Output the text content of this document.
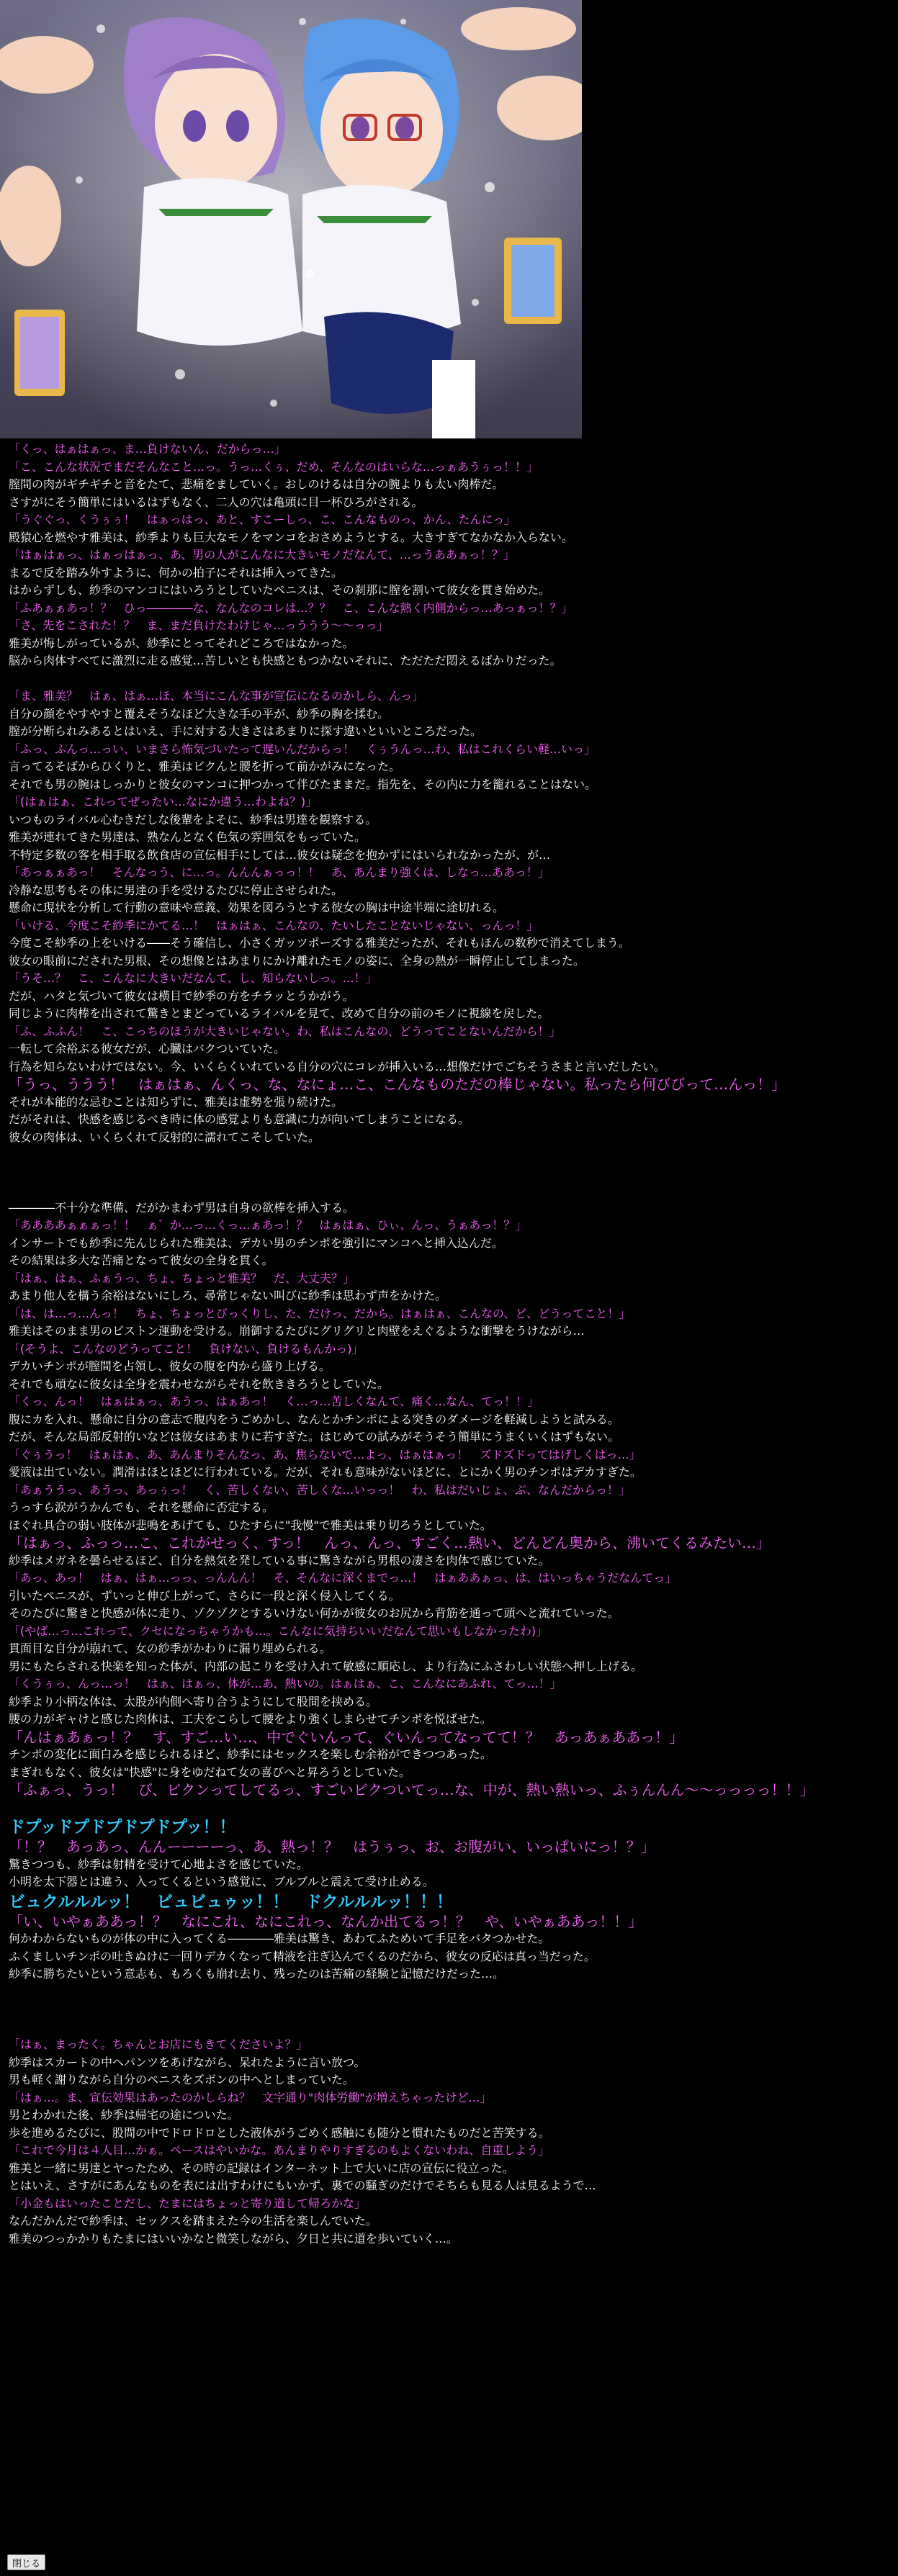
「くっ、はぁはぁっ、ま…負けないん、だからっ…」
「こ、こんな状況でまだそんなこと…っ。うっ…くぅ、だめ、そんなのはいらな…っぁあうぅっ！！」
膣間の肉がギチギチと音をたて、悲痛をましていく。おしのけるは自分の腕よりも太い肉棒だ。
さすがにそう簡単にはいるはずもなく、二人の穴は亀頭に目一杯ひろがされる。
「うぐぐっ、くうぅぅ！　はぁっはっ、あと、すこーしっ、こ、こんなものっ、かん、たんにっ」
殿猿心を燃やす雅美は、紗季よりも巨大なモノをマンコをおさめようとする。大きすぎてなかなか入らない。
「はぁはぁっ、はぁっはぁっ、あ、男の人がこんなに大きいモノだなんて、…っうああぁっ！？」
まるで反を踏み外すように、何かの拍子にそれは挿入ってきた。
はからずしも、紗季のマンコにはいろうとしていたペニスは、その刹那に膣を割いて彼女を貫き始めた。
「ふあぁぁあっ！？　ひっ――――な、なんなのコレは…？？　こ、こんな熱く内側からっ…あっぁっ！？」
「さ、先をこされた！？　ま、まだ負けたわけじゃ…っううう～～っっ」
雅美が悔しがっているが、紗季にとってそれどころではなかった。
脳から肉体すべてに激烈に走る感覚…苦しいとも快感ともつかないそれに、ただただ悶えるばかりだった。
「ま、雅美？　はぁ、はぁ…ほ、本当にこんな事が宣伝になるのかしら、んっ」
自分の顔をやすやすと覆えそうなほど大きな手の平が、紗季の胸を揉む。
膣が分断られみあるとはいえ、手に対する大きさはあまりに探す違いといいところだった。
「ふっ、ふんっ…っい、いまさら怖気づいたって遅いんだからっ！　くぅうんっ…わ、私はこれくらい軽…いっ」
言ってるそばからひくりと、雅美はビクんと腰を折って前かがみになった。
それでも男の腕はしっかりと彼女のマンコに押つかって伴びたままだ。指先を、その内に力を籠れることはない。
「(はぁはぁ、これってぜったい…なにか違う…わよね？)」
いつものライバル心むきだしな後輩をよそに、紗季は男達を観察する。
雅美が連れてきた男達は、熟なんとなく色気の雰囲気をもっていた。
不特定多数の客を相手取る飲食店の宣伝相手にしては…彼女は疑念を抱かずにはいられなかったが、が…
「あっぁぁあっ！　そんなっう、に…っ。んんんぁっっ！！　あ、あんまり強くは、しなっ…ああっ！」
冷静な思考もその体に男達の手を受けるたびに停止させられた。
懸命に現状を分析して行動の意味や意義、効果を図ろうとする彼女の胸は中途半端に途切れる。
「いける、今度こそ紗季にかてる…！　はぁはぁ、こんなの、たいしたことないじゃない、っんっ！」
今度こそ紗季の上をいける――そう確信し、小さくガッツポーズする雅美だったが、それもほんの数秒で消えてしまう。
彼女の眼前にだされた男根、その想像とはあまりにかけ離れたモノの姿に、全身の熱が一瞬停止してしまった。
「うそ…？　こ、こんなに大きいだなんて、し、知らないしっ。…！」
だが、ハタと気づいて彼女は横目で紗季の方をチラッとうかがう。
同じように肉棒を出されて驚きとまどっているライバルを見て、改めて自分の前のモノに視線を戻した。
「ふ、ふふん！　こ、こっちのほうが大きいじゃない。わ、私はこんなの、どうってことないんだから！」
一転して余裕ぶる彼女だが、心臓はバクついていた。
行為を知らないわけではない。今、いくらくいれている自分の穴にコレが挿入いる…想像だけでごちそうさまと言いだしたい。
「うっ、ううう！　はぁはぁ、んくっ、な、なにょ…こ、こんなものただの棒じゃない。私ったら何びびって…んっ！」
それが本能的な忌むことは知らずに、雅美は虚勢を張り続けた。
だがそれは、快感を感じるべき時に体の感覚よりも意識に力が向いてしまうことになる。
彼女の肉体は、いくらくれて反射的に濡れてこそしていた。
――――不十分な準備、だがかまわず男は自身の欲棒を挿入する。
「ああああぁぁぁっ！！　ぁ゛か…っ…くっ…ぁあっ！？　はぁはぁ、ひぃ、んっ、うぁあっ！？」
インサートでも紗季に先んじられた雅美は、デカい男のチンポを強引にマンコへと挿入込んだ。
その結果は多大な苦痛となって彼女の全身を貫く。
「はぁ、はぁ、ふぁうっ、ちょ、ちょっと雅美？　だ、大丈夫？」
あまり他人を構う余裕はないにしろ、尋常じゃない叫びに紗季は思わず声をかけた。
「は、は…っ…んっ！　ちょ、ちょっとびっくりし、た、だけっ、だから。はぁはぁ、こんなの、ど、どうってこと！」
雅美はそのまま男のピストン運動を受ける。崩御するたびにグリグリと肉壁をえぐるような衝撃をうけながら…
「(そうよ、こんなのどうってこと！　負けない、負けるもんかっ)」
デカいチンポが膣間を占領し、彼女の腹を内から盛り上げる。
それでも頑なに彼女は全身を震わせながらそれを飲ききろうとしていた。
「くっ、んっ！　はぁはぁっ、あうっ、はぁあっ！　く…っ…苦しくなんて、痛く…なん、てっ！！」
腹にカを入れ、懸命に自分の意志で腹内をうごめかし、なんとかチンポによる突きのダメージを軽減しようと試みる。
だが、そんな局部反射的いなどは彼女はあまりに若すぎた。はじめての試みがそうそう簡単にうまくいくはずもない。
「ぐぅうっ！　はぁはぁ、あ、あんまりそんなっ、あ、焦らないで…よっ、はぁはぁっ！　ズドズドってはげしくはっ…」
愛液は出ていない。潤滑はほとほどに行われている。だが、それも意味がないほどに、とにかく男のチンポはデカすぎた。
「あぁううっ、あうっ、あっぅっ！　く、苦しくない、苦しくな…いっっ！　わ、私はだいじょ、ぶ、なんだからっ！」
うっすら涙がうかんでも、それを懸命に否定する。
ほぐれ具合の弱い肢体が悲鳴をあげても、ひたすらに"我慢"で雅美は乗り切ろうとしていた。
「はぁっ、ふっっ…こ、これがせっく、すっ！　んっ、んっ、すごく…熱い、どんどん奥から、沸いてくるみたい…」
紗季はメガネを曇らせるほど、自分を熱気を発している事に驚きながら男根の凄さを肉体で感じていた。
「あっ、あっ！　はぁ、はぁ…っっ、っんんん！　そ、そんなに深くまでっ…！　はぁああぁっ、は、はいっちゃうだなんてっ」
引いたペニスが、ずいっと伸び上がって、さらに一段と深く侵入してくる。
そのたびに驚きと快感が体に走り、ゾクゾクとするいけない何かが彼女のお尻から背筋を通って頭へと流れていった。
「(やば…っ…これって、クセになっちゃうかも…。こんなに気持ちいいだなんて思いもしなかったわ)」
貫面目な自分が崩れて、女の紗季がかわりに漏り埋められる。
男にもたらされる快楽を知った体が、内部の起こりを受け入れて敏感に順応し、より行為にふさわしい状態へ押し上げる。
「くうぅっ、んっ…っ！　はぁ、はぁっ、体が…あ、熱いの。はぁはぁ、こ、こんなにあふれ、てっ…！」
紗季より小柄な体は、太股が内側へ寄り合うようにして股間を挟める。
腰の力がギャけと感じた肉体は、工夫をこらして腰をより強くしまらせてチンポを悦ばせた。
「んはぁあぁっ！？　す、すご…い…、中でぐいんって、ぐいんってなってて！？　あっあぁああっ！」
チンポの変化に面白みを感じられるほど、紗季にはセックスを楽しむ余裕ができつつあった。
まぎれもなく、彼女は"快感"に身をゆだねて女の喜びへと昇ろうとしていた。
「ふぁっ、うっ！　び、ビクンってしてるっ、すごいビクついてっ…な、中が、熱い熱いっ、ふぅんんん～～っっっっ！！」
ドプッドプドプドプドプッ！！
「！？　あっあっ、んんーーーーっ、あ、熱っ！？　はうぅっ、お、お腹がい、いっぱいにっ！？」
驚きつつも、紗季は射精を受けて心地よさを感じていた。
小明を太下器とは違う、入ってくるという感覚に、ブルブルと震えて受け止める。
ビュクルルルッ！　ビュビュゥッ！！　ドクルルルッ！！！
「い、いやぁああっ！？　なにこれ、なにこれっ、なんか出てるっ！？　や、いやぁああっ！！」
何かわからないものが体の中に入ってくる――――雅美は驚き、あわてふためいて手足をバタつかせた。
ふくましいチンポの吐きぬけに一回りデカくなって精液を注ぎ込んでくるのだから、彼女の反応は真っ当だった。
紗季に勝ちたいという意志も、もろくも崩れ去り、残ったのは苦痛の経験と記憶だけだった…。
「はぁ、まったく。ちゃんとお店にもきてくださいよ？」
紗季はスカートの中へパンツをあげながら、呆れたように言い放つ。
男も軽く謝りながら自分のペニスをズボンの中へとしまっていた。
「はぁ…。ま、宣伝効果はあったのかしらね？　文字通り"肉体労働"が増えちゃったけど…」
男とわかれた後、紗季は帰宅の途についた。
歩を進めるたびに、股間の中でドロドロとした液体がうごめく感触にも随分と慣れたものだと苦笑する。
「これで今月は４人目…かぁ。ペースはやいかな。あんまりやりすぎるのもよくないわね、自重しよう」
雅美と一緒に男達とヤったため、その時の記録はインターネット上で大いに店の宣伝に役立った。
とはいえ、さすがにあんなものを表には出すわけにもいかず、裏での騒ぎのだけでそちらも見る人は見るようで…
「小金もはいったことだし、たまにはちょっと寄り道して帰ろかな」
なんだかんだで紗季は、セックスを踏まえた今の生活を楽しんでいた。
雅美のつっかかりもたまにはいいかなと微笑しながら、夕日と共に道を歩いていく…。
閉じる
